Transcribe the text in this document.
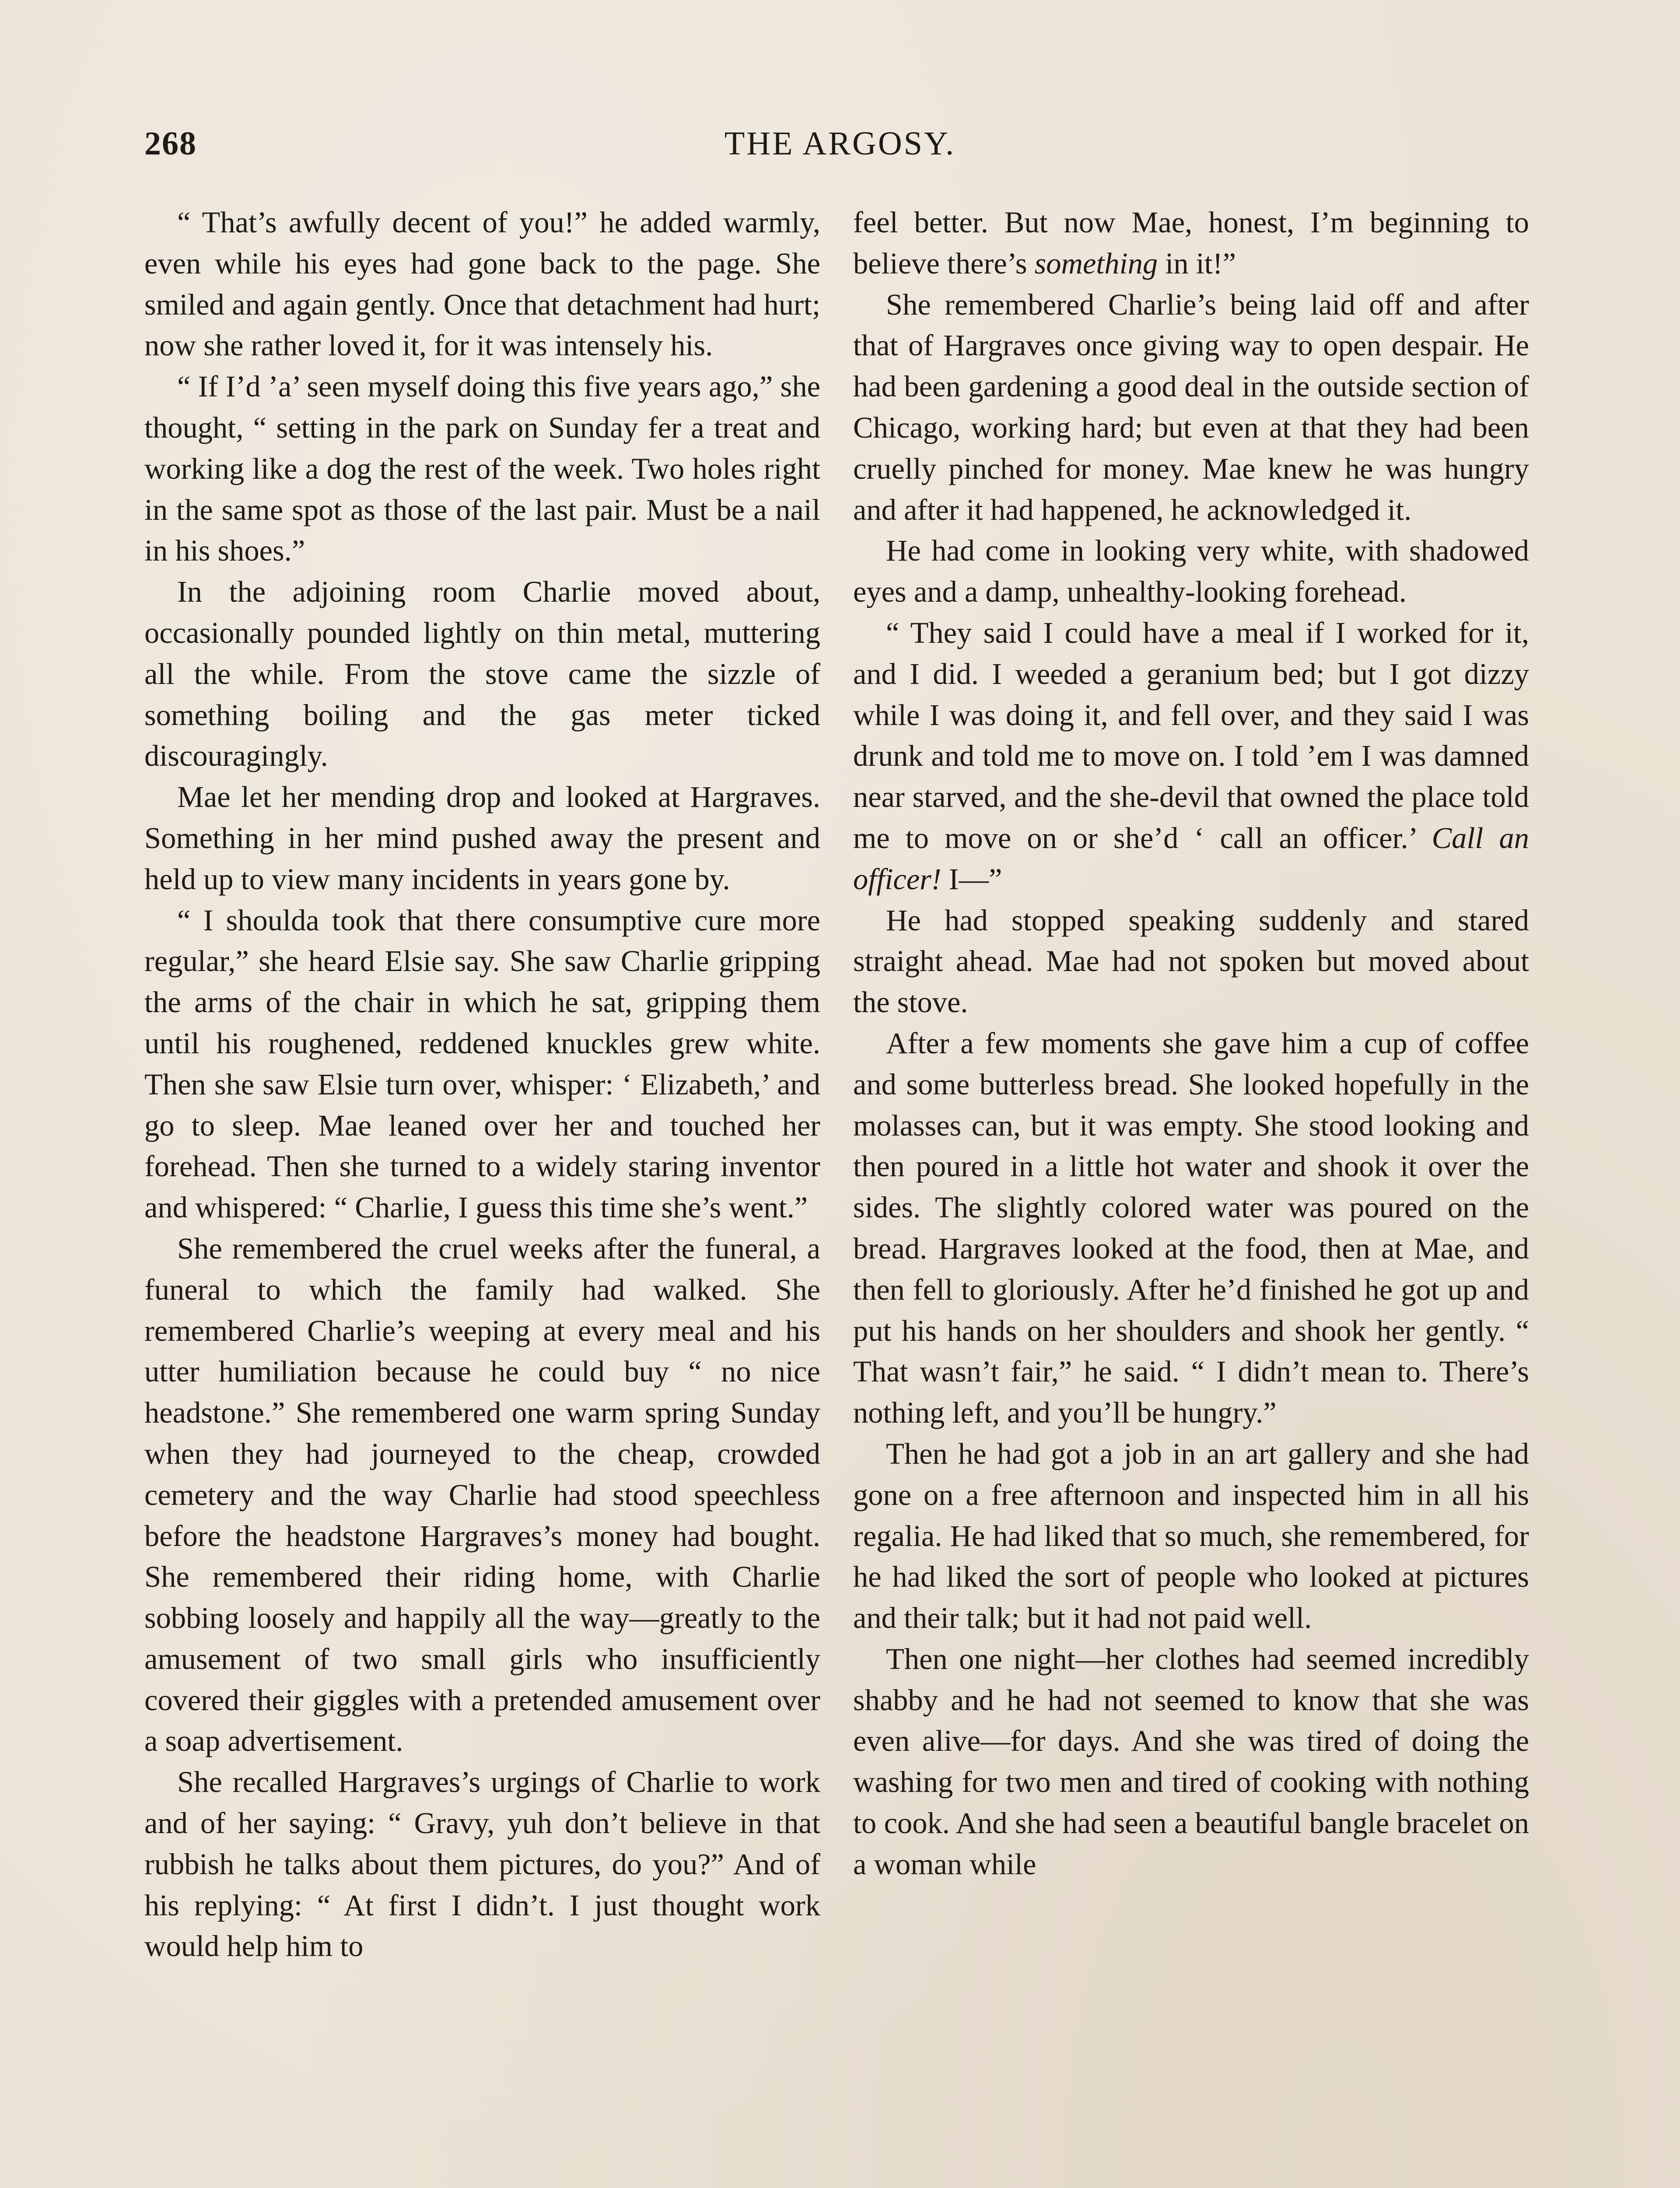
268	THE ARGOSY.

“ That’s awfully decent of you!” he added warmly, even while his eyes had gone back to the page. She smiled and again gently. Once that detachment had hurt; now she rather loved it, for it was intensely his.

“ If I’d ’a’ seen myself doing this five years ago,” she thought, “ setting in the park on Sunday fer a treat and working like a dog the rest of the week. Two holes right in the same spot as those of the last pair. Must be a nail in his shoes.”

In the adjoining room Charlie moved about, occasionally pounded lightly on thin metal, muttering all the while. From the stove came the sizzle of something boiling and the gas meter ticked discouragingly.

Mae let her mending drop and looked at Hargraves. Something in her mind pushed away the present and held up to view many incidents in years gone by.

“ I shoulda took that there consumptive cure more regular,” she heard Elsie say. She saw Charlie gripping the arms of the chair in which he sat, gripping them until his roughened, reddened knuckles grew white. Then she saw Elsie turn over, whisper: ‘ Elizabeth,’ and go to sleep. Mae leaned over her and touched her forehead. Then she turned to a widely staring inventor and whispered: “ Charlie, I guess this time she’s went.”

She remembered the cruel weeks after the funeral, a funeral to which the family had walked. She remembered Charlie’s weeping at every meal and his utter humiliation because he could buy “ no nice headstone.” She remembered one warm spring Sunday when they had journeyed to the cheap, crowded cemetery and the way Charlie had stood speechless before the headstone Hargraves’s money had bought. She remembered their riding home, with Charlie sobbing loosely and happily all the way—greatly to the amusement of two small girls who insufficiently covered their giggles with a pretended amusement over a soap advertisement.

She recalled Hargraves’s urgings of Charlie to work and of her saying: “ Gravy, yuh don’t believe in that rubbish he talks about them pictures, do you?” And of his replying: “ At first I didn’t. I just thought work would help him to

feel better. But now Mae, honest, I’m beginning to believe there’s something in it!”

She remembered Charlie’s being laid off and after that of Hargraves once giving way to open despair. He had been gardening a good deal in the outside section of Chicago, working hard; but even at that they had been cruelly pinched for money. Mae knew he was hungry and after it had happened, he acknowledged it.

He had come in looking very white, with shadowed eyes and a damp, unhealthy-looking forehead.

“ They said I could have a meal if I worked for it, and I did. I weeded a geranium bed; but I got dizzy while I was doing it, and fell over, and they said I was drunk and told me to move on. I told ’em I was damned near starved, and the she-devil that owned the place told me to move on or she’d ‘ call an officer.’ Call an officer! I—”

He had stopped speaking suddenly and stared straight ahead. Mae had not spoken but moved about the stove.

After a few moments she gave him a cup of coffee and some butterless bread. She looked hopefully in the molasses can, but it was empty. She stood looking and then poured in a little hot water and shook it over the sides. The slightly colored water was poured on the bread. Hargraves looked at the food, then at Mae, and then fell to gloriously. After he’d finished he got up and put his hands on her shoulders and shook her gently. “ That wasn’t fair,” he said. “ I didn’t mean to. There’s nothing left, and you’ll be hungry.”

Then he had got a job in an art gallery and she had gone on a free afternoon and inspected him in all his regalia. He had liked that so much, she remembered, for he had liked the sort of people who looked at pictures and their talk; but it had not paid well.

Then one night—her clothes had seemed incredibly shabby and he had not seemed to know that she was even alive—for days. And she was tired of doing the washing for two men and tired of cooking with nothing to cook. And she had seen a beautiful bangle bracelet on a woman while
